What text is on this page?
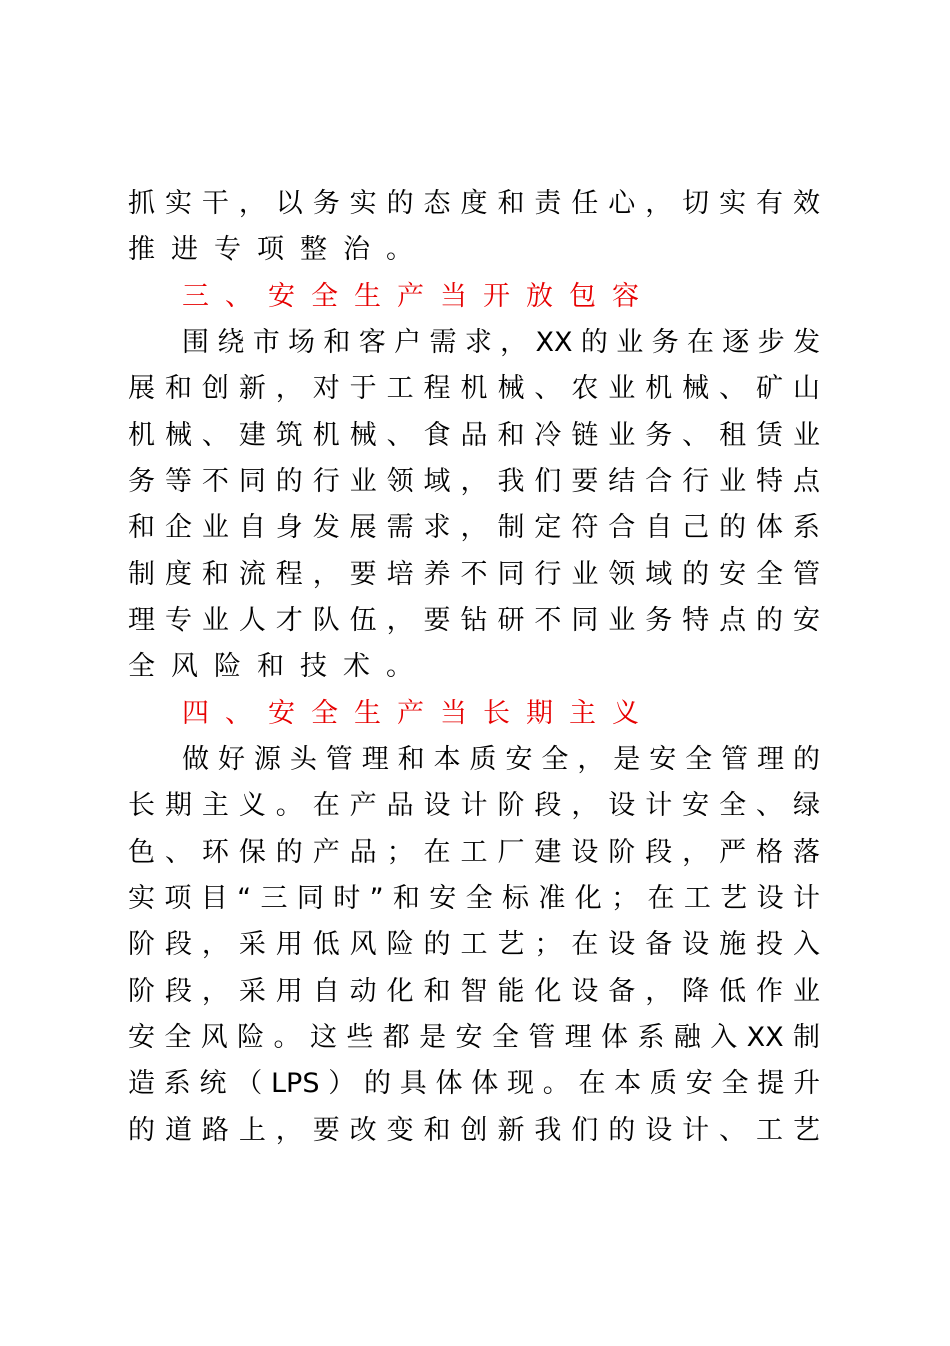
抓实干，以务实的态度和责任心，切实有效
推进专项整治。
三、安全生产当开放包容
围绕市场和客户需求，XX的业务在逐步发
展和创新，对于工程机械、农业机械、矿山
机械、建筑机械、食品和冷链业务、租赁业
务等不同的行业领域，我们要结合行业特点
和企业自身发展需求，制定符合自己的体系
制度和流程，要培养不同行业领域的安全管
理专业人才队伍，要钻研不同业务特点的安
全风险和技术。
四、安全生产当长期主义
做好源头管理和本质安全，是安全管理的
长期主义。在产品设计阶段，设计安全、绿
色、环保的产品；在工厂建设阶段，严格落
实项目“三同时”和安全标准化；在工艺设计
阶段，采用低风险的工艺；在设备设施投入
阶段，采用自动化和智能化设备，降低作业
安全风险。这些都是安全管理体系融入XX制
造系统（LPS）的具体体现。在本质安全提升
的道路上，要改变和创新我们的设计、工艺
